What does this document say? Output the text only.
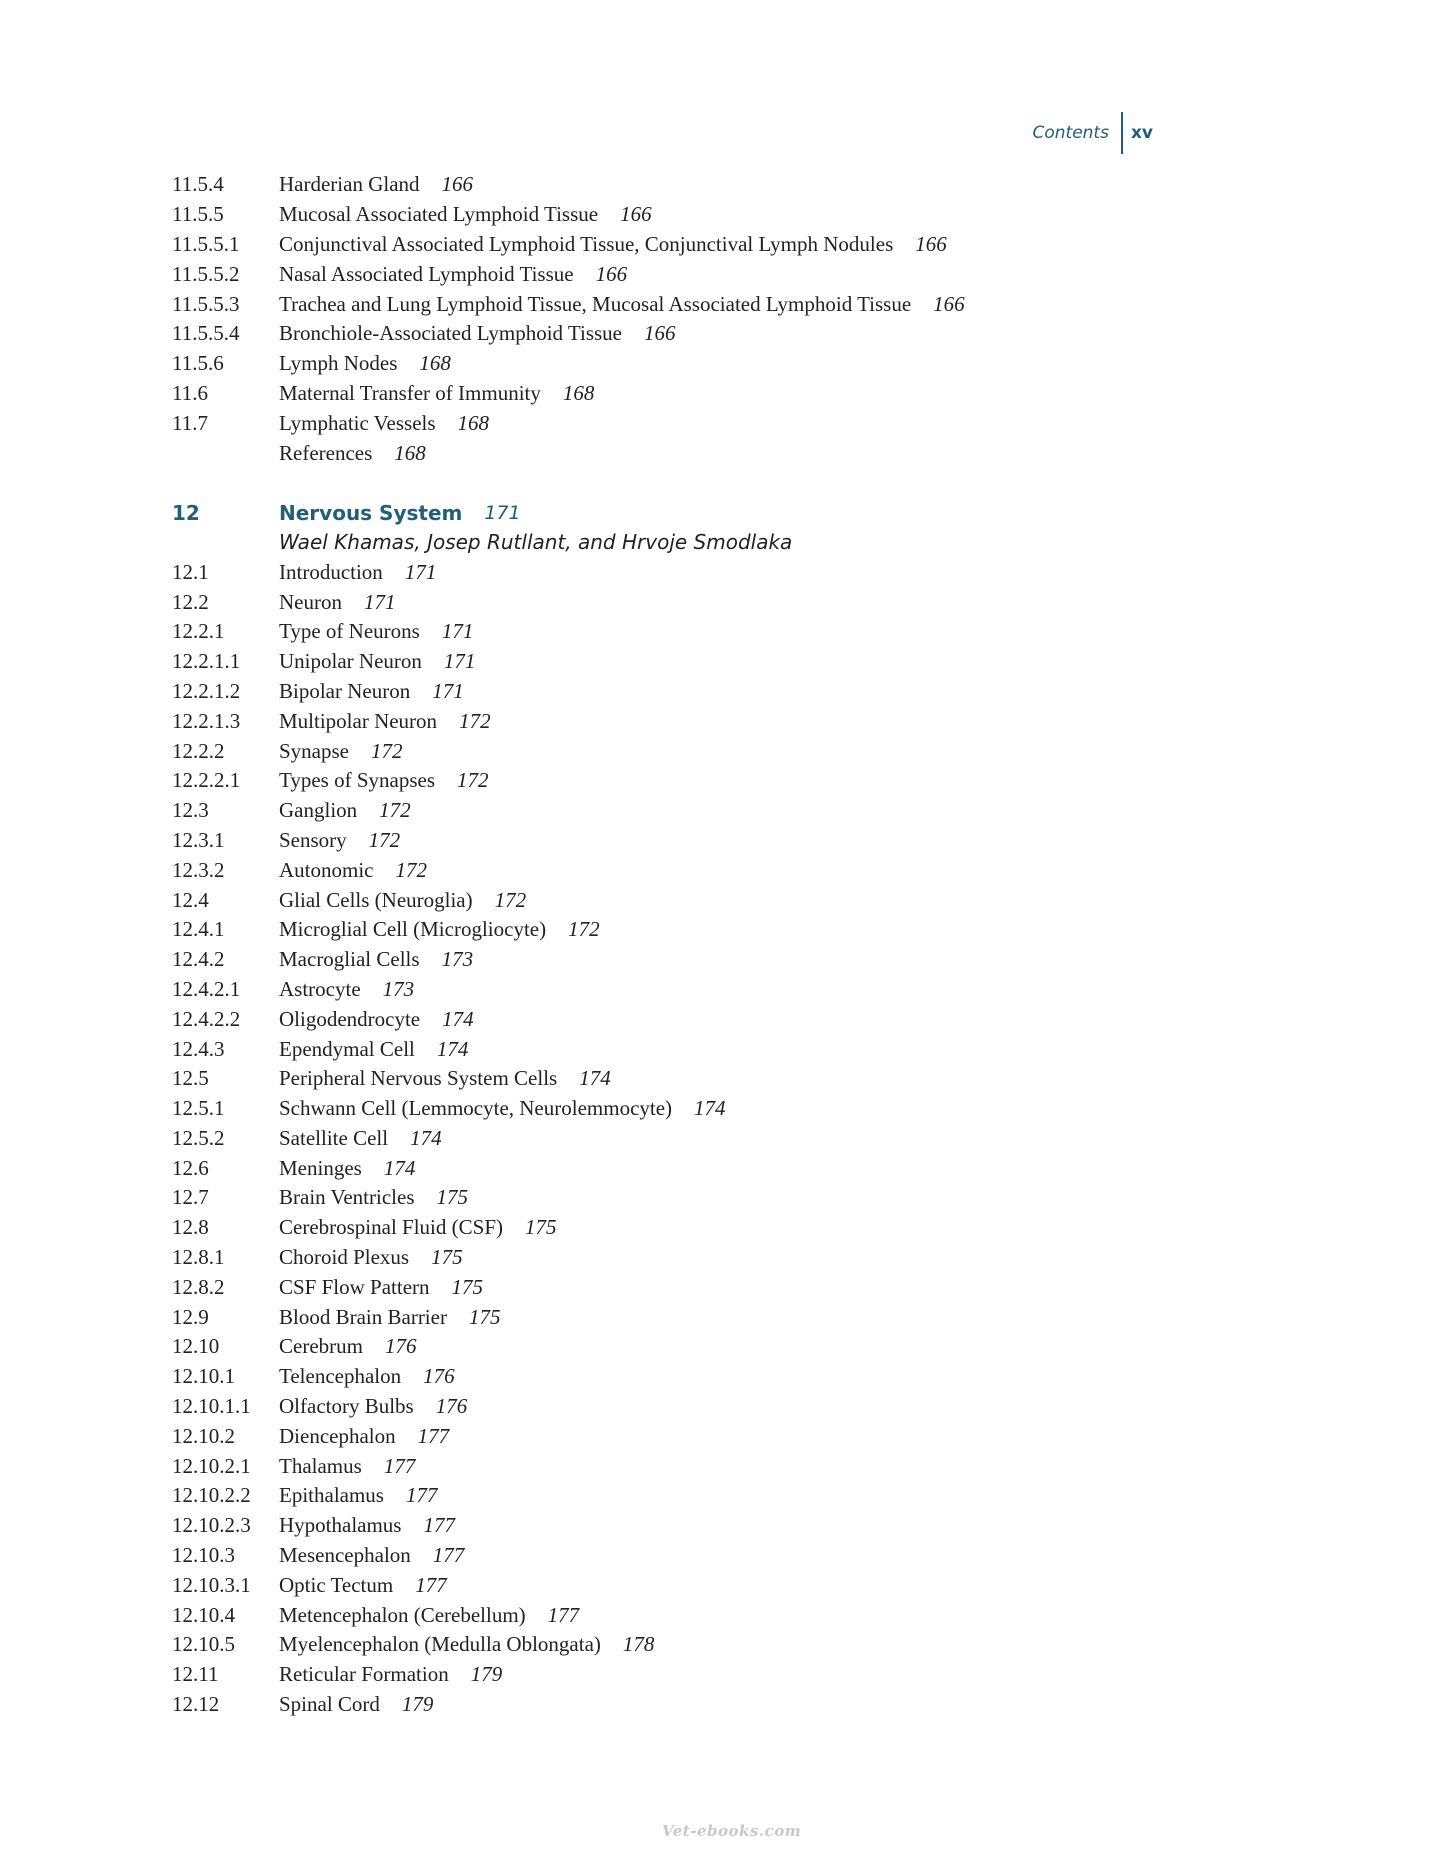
Contents	xv
11.5.4	Harderian Gland 166
11.5.5	Mucosal Associated Lymphoid Tissue 166
11.5.5.1	Conjunctival Associated Lymphoid Tissue, Conjunctival Lymph Nodules 166
11.5.5.2	Nasal Associated Lymphoid Tissue 166
11.5.5.3	Trachea and Lung Lymphoid Tissue, Mucosal Associated Lymphoid Tissue 166
11.5.5.4	Bronchiole-Associated Lymphoid Tissue 166
11.5.6	Lymph Nodes 168
11.6	Maternal Transfer of Immunity 168
11.7	Lymphatic Vessels 168
References 168
12	Nervous System 171
Wael Khamas, Josep Rutllant, and Hrvoje Smodlaka
12.1	Introduction 171
12.2	Neuron 171
12.2.1	Type of Neurons 171
12.2.1.1	Unipolar Neuron 171
12.2.1.2	Bipolar Neuron 171
12.2.1.3	Multipolar Neuron 172
12.2.2	Synapse 172
12.2.2.1	Types of Synapses 172
12.3	Ganglion 172
12.3.1	Sensory 172
12.3.2	Autonomic 172
12.4	Glial Cells (Neuroglia) 172
12.4.1	Microglial Cell (Microgliocyte) 172
12.4.2	Macroglial Cells 173
12.4.2.1	Astrocyte 173
12.4.2.2	Oligodendrocyte 174
12.4.3	Ependymal Cell 174
12.5	Peripheral Nervous System Cells 174
12.5.1	Schwann Cell (Lemmocyte, Neurolemmocyte) 174
12.5.2	Satellite Cell 174
12.6	Meninges 174
12.7	Brain Ventricles 175
12.8	Cerebrospinal Fluid (CSF) 175
12.8.1	Choroid Plexus 175
12.8.2	CSF Flow Pattern 175
12.9	Blood Brain Barrier 175
12.10	Cerebrum 176
12.10.1	Telencephalon 176
12.10.1.1	Olfactory Bulbs 176
12.10.2	Diencephalon 177
12.10.2.1	Thalamus 177
12.10.2.2	Epithalamus 177
12.10.2.3	Hypothalamus 177
12.10.3	Mesencephalon 177
12.10.3.1	Optic Tectum 177
12.10.4	Metencephalon (Cerebellum) 177
12.10.5	Myelencephalon (Medulla Oblongata) 178
12.11	Reticular Formation 179
12.12	Spinal Cord 179
Vet-ebooks.com
